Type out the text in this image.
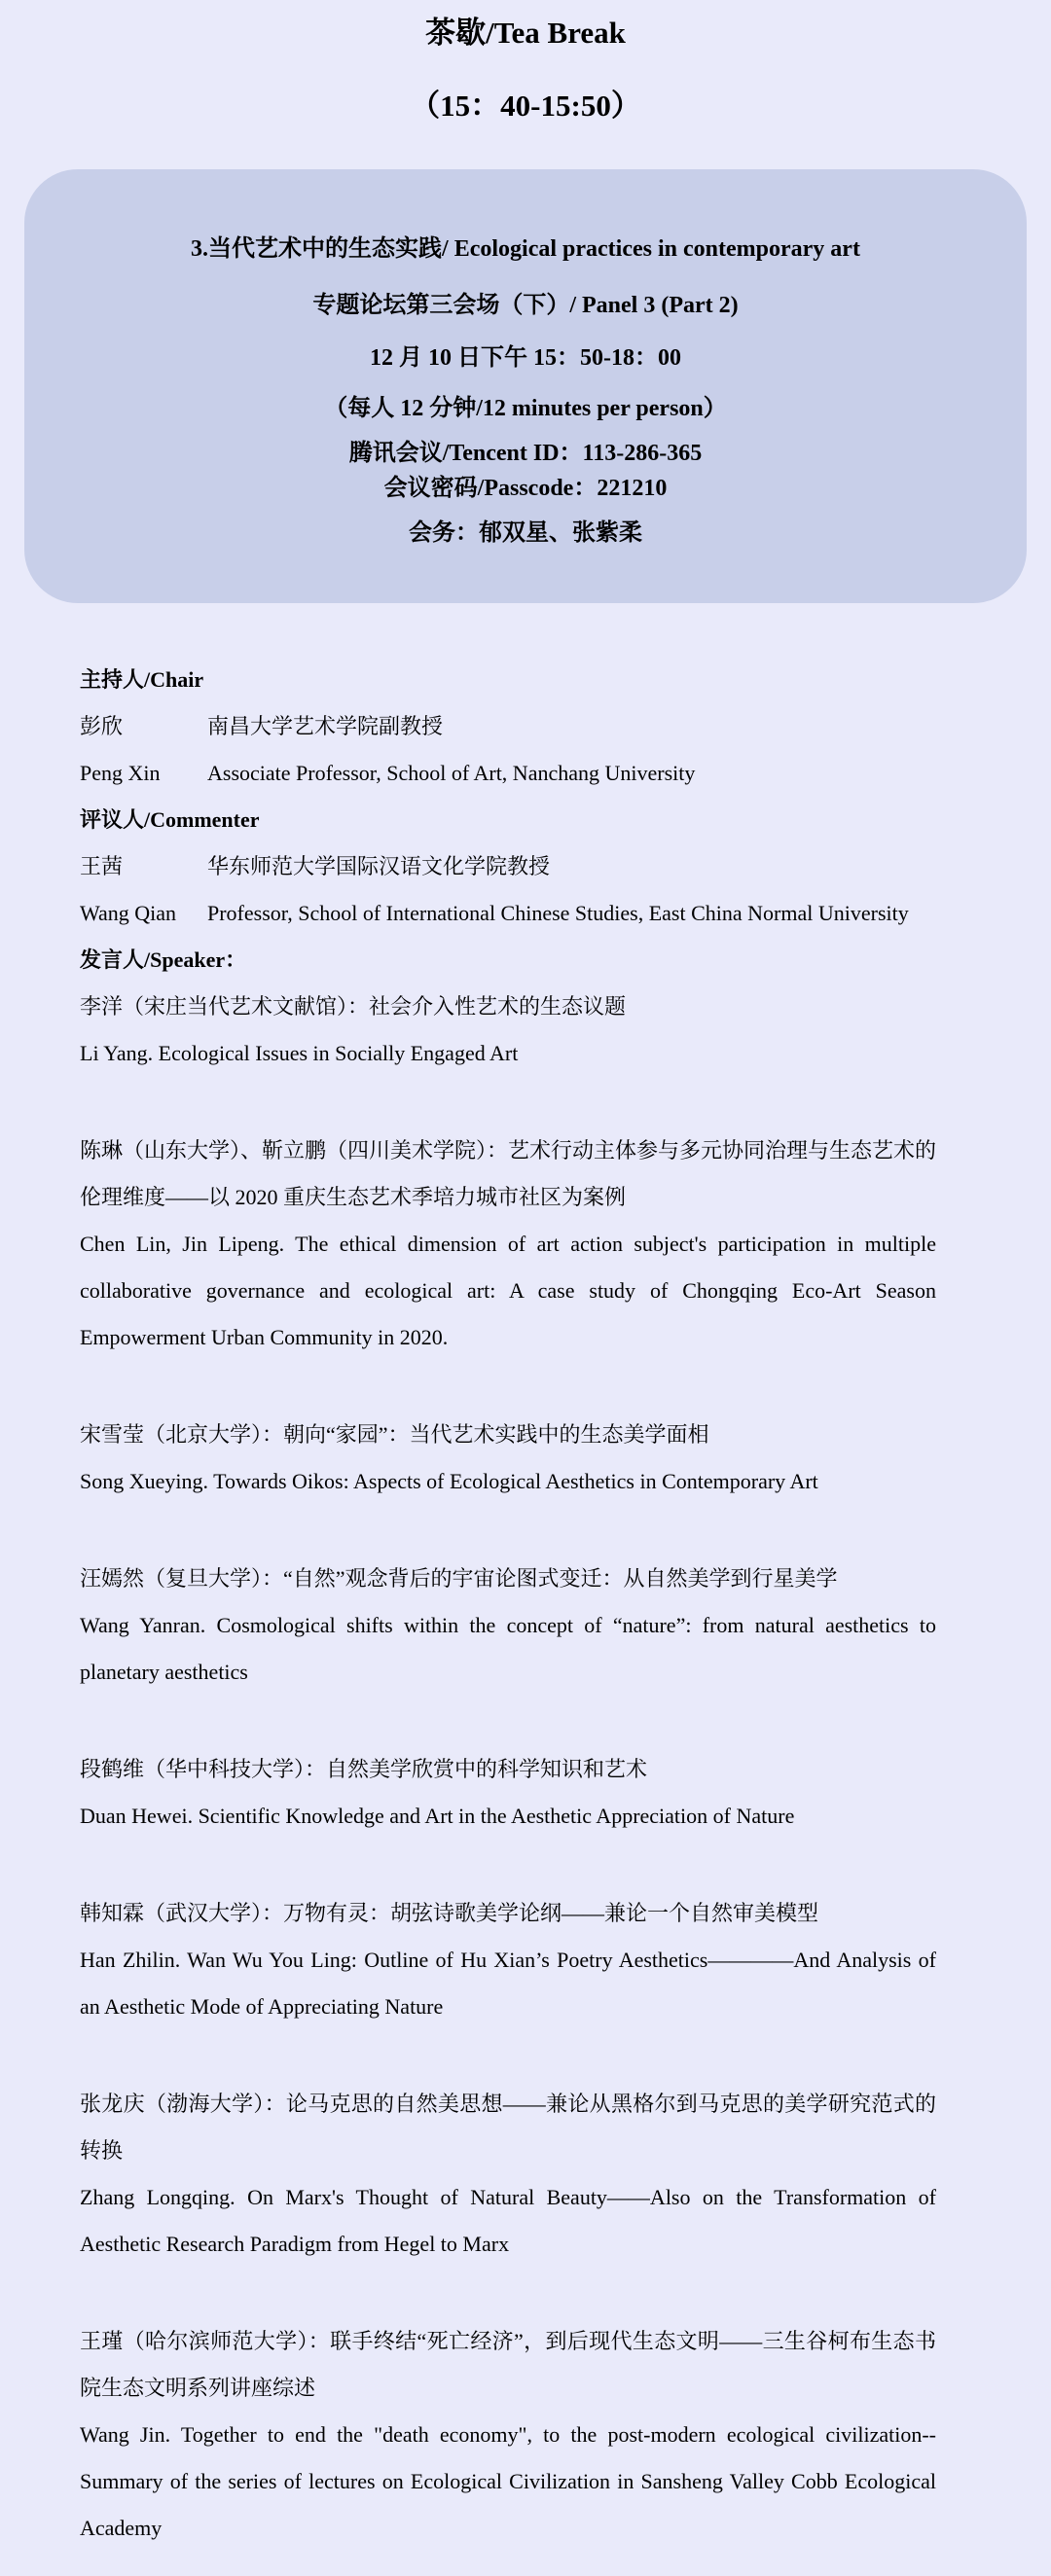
茶歇/Tea Break
（15：40-15:50）
3.当代艺术中的生态实践/ Ecological practices in contemporary art
专题论坛第三会场（下）/ Panel 3 (Part 2)
12 月 10 日下午 15：50-18：00
（每人 12 分钟/12 minutes per person）
腾讯会议/Tencent ID：113-286-365
会议密码/Passcode：221210
会务：郁双星、张紫柔

主持人/Chair

彭欣	南昌大学艺术学院副教授

Peng Xin Associate Professor, School of Art, Nanchang University

评议人/Commenter

王茜	华东师范大学国际汉语文化学院教授

Wang Qian Professor, School of International Chinese Studies, East China Normal University

发言人/Speaker：

李洋（宋庄当代艺术文献馆）：社会介入性艺术的生态议题

Li Yang. Ecological Issues in Socially Engaged Art

陈琳（山东大学）、靳立鹏（四川美术学院）：艺术行动主体参与多元协同治理与生态艺术的伦理维度——以 2020 重庆生态艺术季培力城市社区为案例

Chen Lin, Jin Lipeng. The ethical dimension of art action subject's participation in multiple collaborative governance and ecological art: A case study of Chongqing Eco-Art Season Empowerment Urban Community in 2020.

宋雪莹（北京大学）：朝向“家园”：当代艺术实践中的生态美学面相

Song Xueying. Towards Oikos: Aspects of Ecological Aesthetics in Contemporary Art

汪嫣然（复旦大学）：“自然”观念背后的宇宙论图式变迁：从自然美学到行星美学

Wang Yanran. Cosmological shifts within the concept of “nature”: from natural aesthetics to planetary aesthetics

段鹤维（华中科技大学）：自然美学欣赏中的科学知识和艺术

Duan Hewei. Scientific Knowledge and Art in the Aesthetic Appreciation of Nature

韩知霖（武汉大学）：万物有灵：胡弦诗歌美学论纲——兼论一个自然审美模型

Han Zhilin. Wan Wu You Ling: Outline of Hu Xian’s Poetry Aesthetics————And Analysis of an Aesthetic Mode of Appreciating Nature

张龙庆（渤海大学）：论马克思的自然美思想——兼论从黑格尔到马克思的美学研究范式的转换

Zhang Longqing. On Marx's Thought of Natural Beauty——Also on the Transformation of Aesthetic Research Paradigm from Hegel to Marx

王瑾（哈尔滨师范大学）：联手终结“死亡经济”，到后现代生态文明——三生谷柯布生态书院生态文明系列讲座综述

Wang Jin. Together to end the "death economy", to the post-modern ecological civilization--Summary of the series of lectures on Ecological Civilization in Sansheng Valley Cobb Ecological Academy
